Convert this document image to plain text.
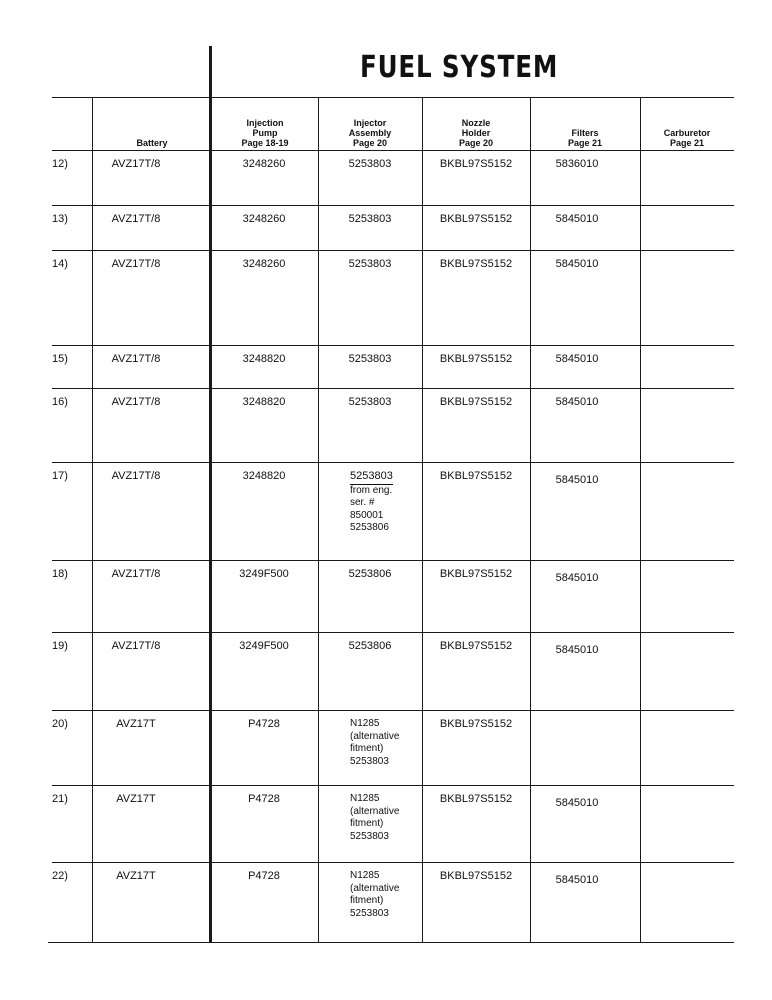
FUEL SYSTEM
Battery
Injection
Pump
Page 18-19
Injector
Assembly
Page 20
Nozzle
Holder
Page 20
Filters
Page 21
Carburetor
Page 21
12)	AVZ17T/8	3248260	5253803	BKBL97S5152	5836010
13)	AVZ17T/8	3248260	5253803	BKBL97S5152	5845010
14)	AVZ17T/8	3248260	5253803	BKBL97S5152	5845010
15)	AVZ17T/8	3248820	5253803	BKBL97S5152	5845010
16)	AVZ17T/8	3248820	5253803	BKBL97S5152	5845010
17)	AVZ17T/8	3248820	5253803
from eng.
ser. #
850001
5253806
BKBL97S5152	5845010
18)	AVZ17T/8	3249F500	5253806	BKBL97S5152	5845010
19)	AVZ17T/8	3249F500	5253806	BKBL97S5152	5845010
20)	AVZ17T	P4728	N1285
(alternative
fitment)
5253803
BKBL97S5152
21)	AVZ17T	P4728	N1285
(alternative
fitment)
5253803
BKBL97S5152	5845010
22)	AVZ17T	P4728	N1285
(alternative
fitment)
5253803
BKBL97S5152	5845010
